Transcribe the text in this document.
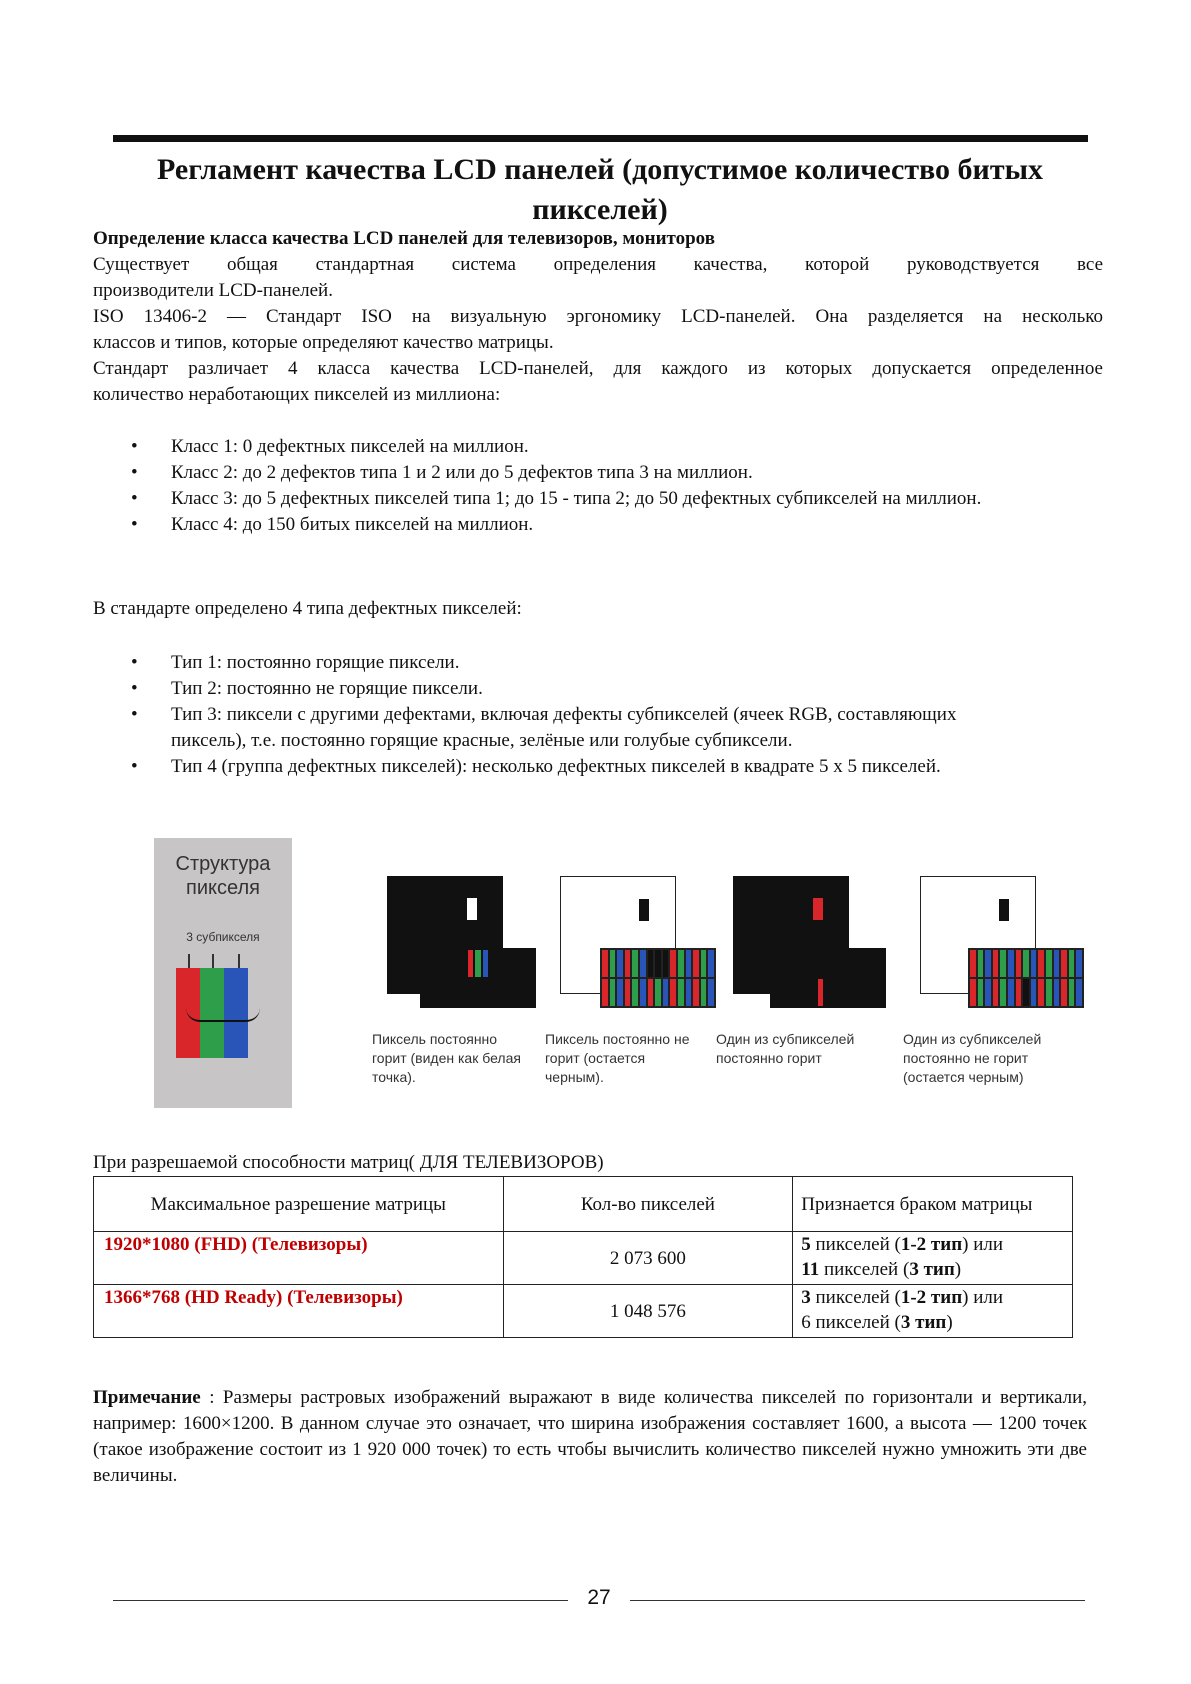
Регламент качества LCD панелей (допустимое количество битых пикселей)

Определение класса качества LCD панелей для телевизоров, мониторов

Существует общая стандартная система определения качества, которой руководствуется все

производители LCD-панелей.

ISO 13406-2 — Стандарт ISO на визуальную эргономику LCD-панелей. Она разделяется на несколько

классов и типов, которые определяют качество матрицы.

Стандарт различает 4 класса качества LCD-панелей, для каждого из которых допускается определенное

количество неработающих пикселей из миллиона:

• Класс 1: 0 дефектных пикселей на миллион.
• Класс 2: до 2 дефектов типа 1 и 2 или до 5 дефектов типа 3 на миллион.
• Класс 3: до 5 дефектных пикселей типа 1; до 15 - типа 2; до 50 дефектных субпикселей на миллион.
• Класс 4: до 150 битых пикселей на миллион.

В стандарте определено 4 типа дефектных пикселей:

• Тип 1: постоянно горящие пиксели.
• Тип 2: постоянно не горящие пиксели.
• Тип 3: пиксели с другими дефектами, включая дефекты субпикселей (ячеек RGB, составляющих пиксель), т.е. постоянно горящие красные, зелёные или голубые субпиксели.
• Тип 4 (группа дефектных пикселей): несколько дефектных пикселей в квадрате 5 х 5 пикселей.
Структура пикселя
3 субпикселя

Пиксель постоянно горит (виден как белая точка).

Пиксель постоянно не горит (остается черным).

Один из субпикселей постоянно горит

Один из субпикселей постоянно не горит (остается черным)

При разрешаемой способности матриц( ДЛЯ ТЕЛЕВИЗОРОВ)

Максимальное разрешение матрицы	Кол-во пикселей	Признается браком матрицы
1920*1080 (FHD) (Телевизоры)	2 073 600	5 пикселей (1-2 тип) или
11 пикселей (3 тип)
1366*768 (HD Ready) (Телевизоры)	1 048 576	3 пикселей (1-2 тип) или
6 пикселей (3 тип)

Примечание : Размеры растровых изображений выражают в виде количества пикселей по горизонтали и вертикали, например: 1600×1200. В данном случае это означает, что ширина изображения составляет 1600, а высота — 1200 точек (такое изображение состоит из 1 920 000 точек) то есть чтобы вычислить количество пикселей нужно умножить эти две величины.

27
